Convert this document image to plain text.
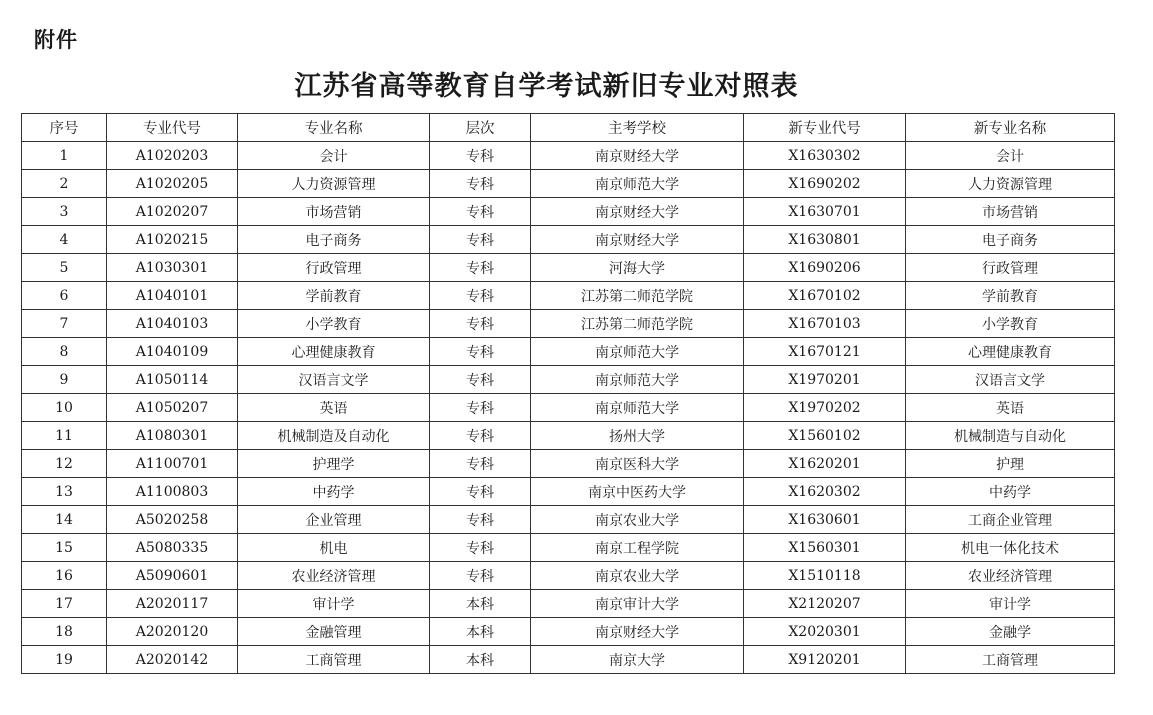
附件
江苏省高等教育自学考试新旧专业对照表
序号	专业代号	专业名称	层次	主考学校	新专业代号	新专业名称
1	A1020203	会计	专科	南京财经大学	X1630302	会计
2	A1020205	人力资源管理	专科	南京师范大学	X1690202	人力资源管理
3	A1020207	市场营销	专科	南京财经大学	X1630701	市场营销
4	A1020215	电子商务	专科	南京财经大学	X1630801	电子商务
5	A1030301	行政管理	专科	河海大学	X1690206	行政管理
6	A1040101	学前教育	专科	江苏第二师范学院	X1670102	学前教育
7	A1040103	小学教育	专科	江苏第二师范学院	X1670103	小学教育
8	A1040109	心理健康教育	专科	南京师范大学	X1670121	心理健康教育
9	A1050114	汉语言文学	专科	南京师范大学	X1970201	汉语言文学
10	A1050207	英语	专科	南京师范大学	X1970202	英语
11	A1080301	机械制造及自动化	专科	扬州大学	X1560102	机械制造与自动化
12	A1100701	护理学	专科	南京医科大学	X1620201	护理
13	A1100803	中药学	专科	南京中医药大学	X1620302	中药学
14	A5020258	企业管理	专科	南京农业大学	X1630601	工商企业管理
15	A5080335	机电	专科	南京工程学院	X1560301	机电一体化技术
16	A5090601	农业经济管理	专科	南京农业大学	X1510118	农业经济管理
17	A2020117	审计学	本科	南京审计大学	X2120207	审计学
18	A2020120	金融管理	本科	南京财经大学	X2020301	金融学
19	A2020142	工商管理	本科	南京大学	X9120201	工商管理
